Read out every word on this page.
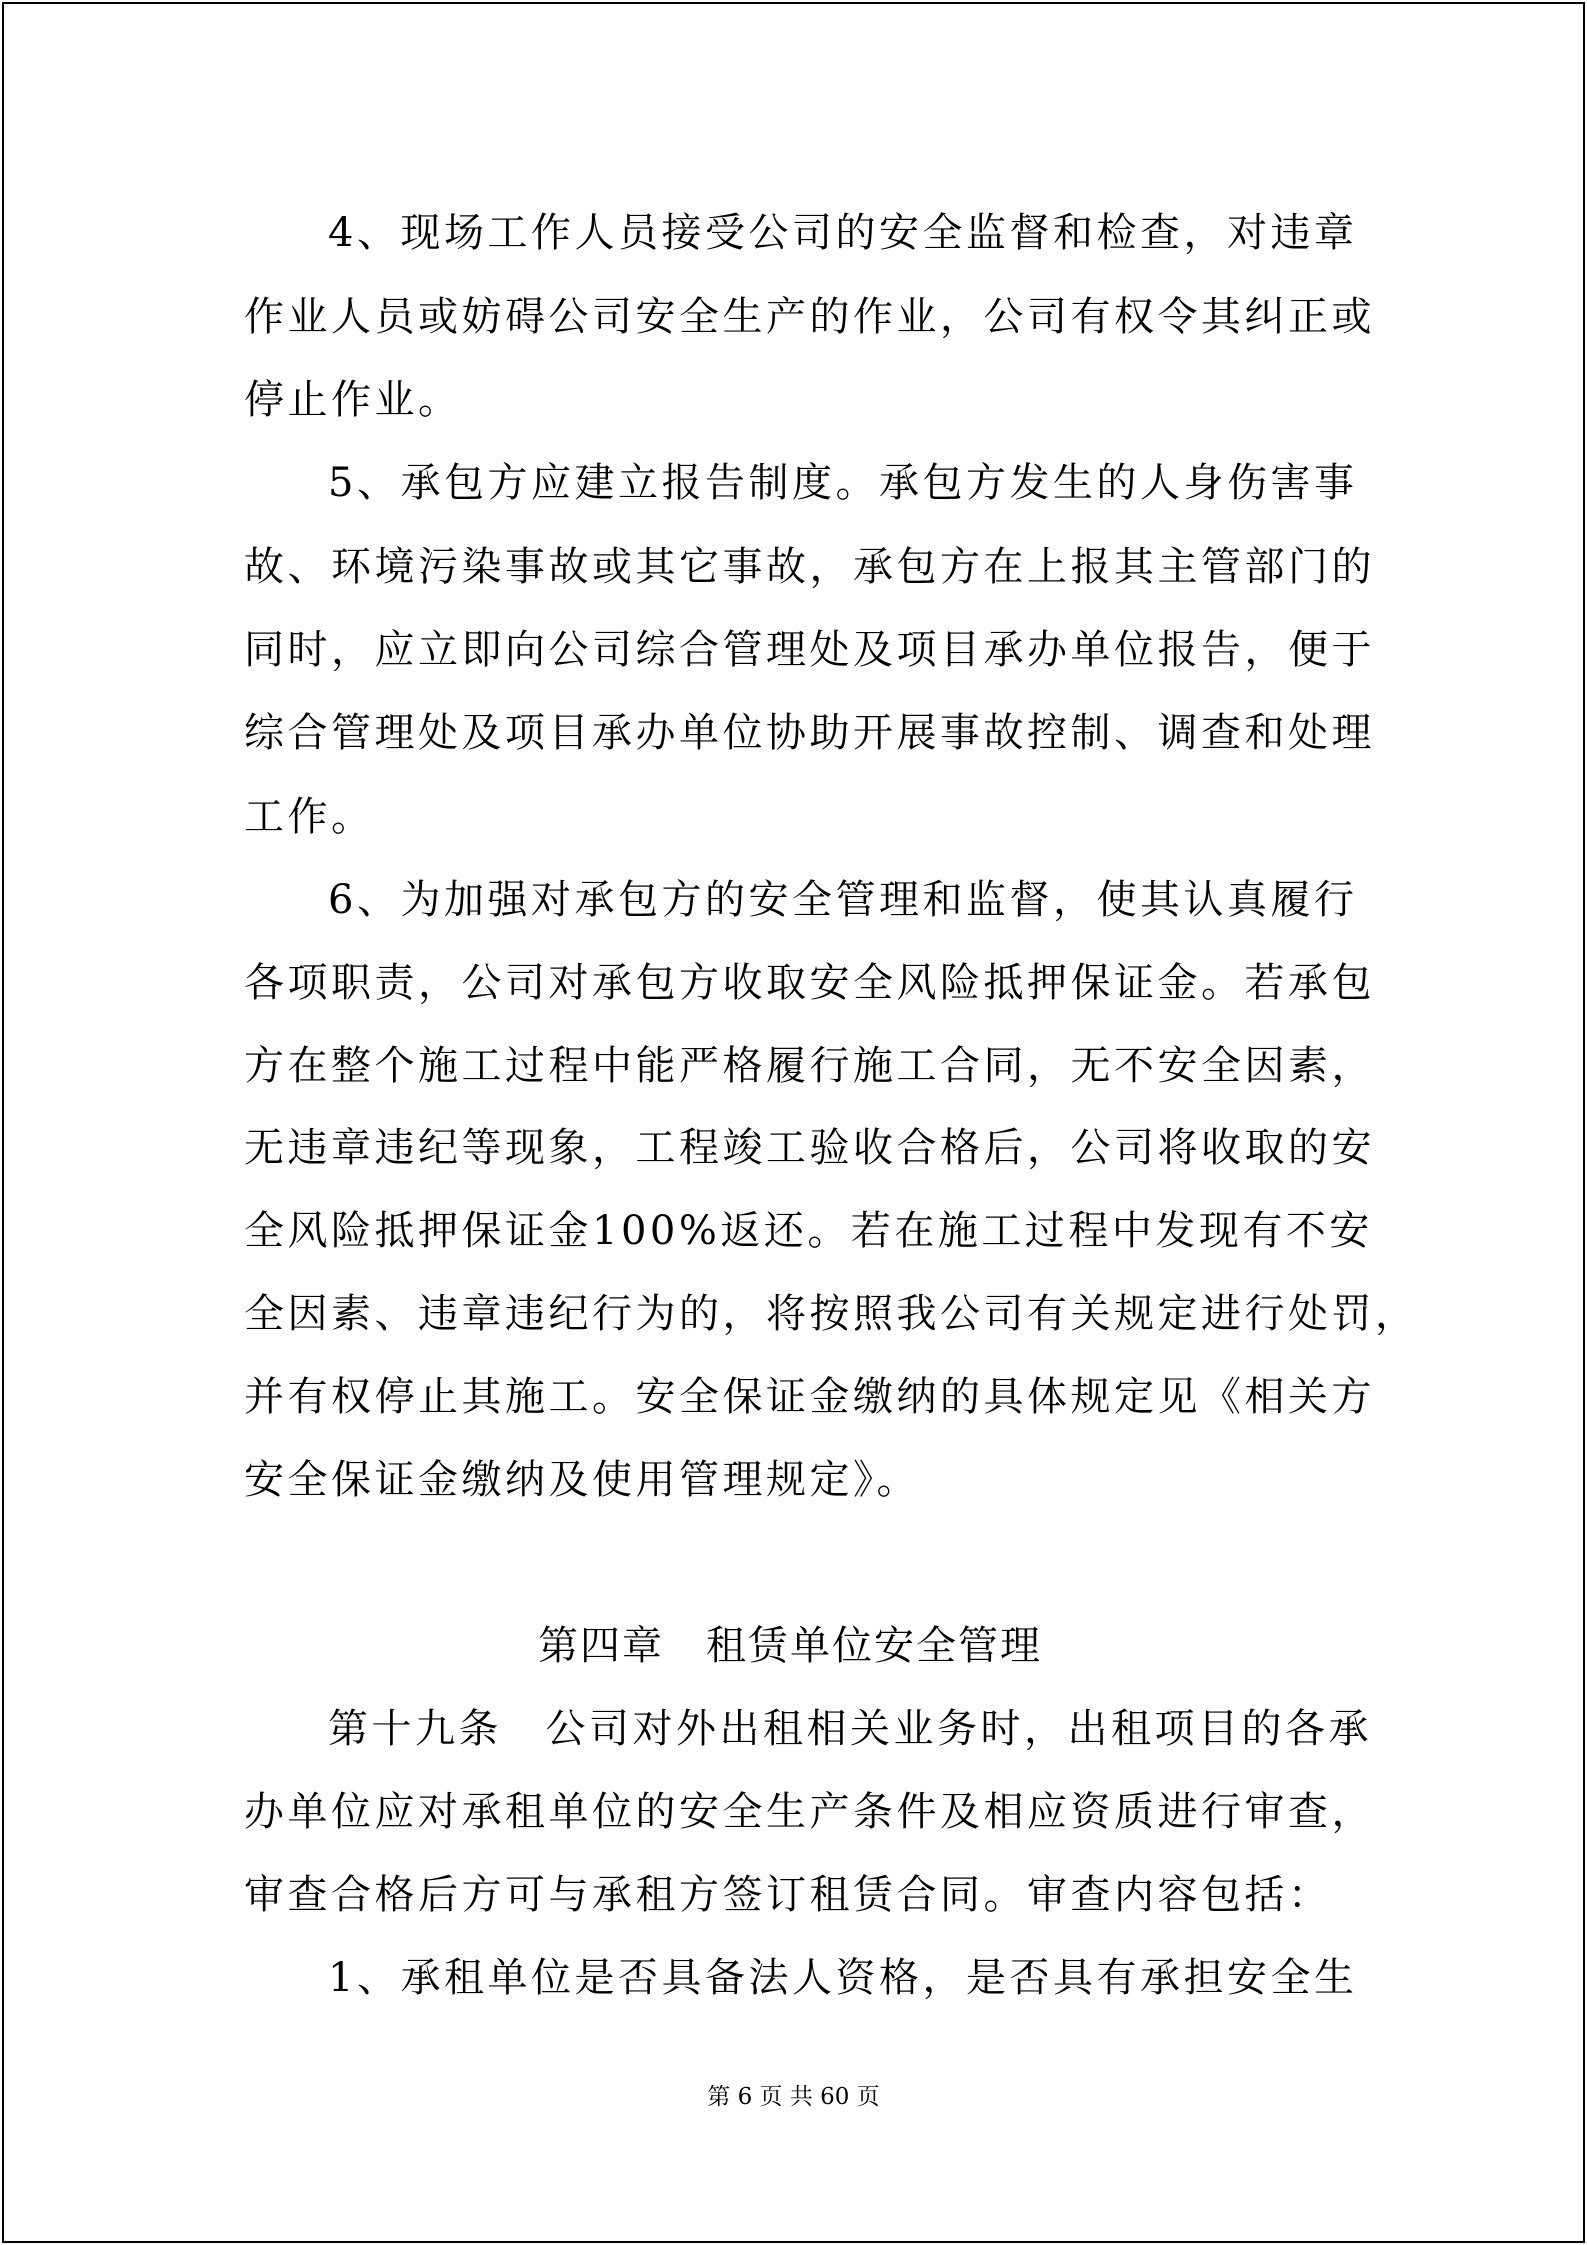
4、现场工作人员接受公司的安全监督和检查，对违章
作业人员或妨碍公司安全生产的作业，公司有权令其纠正或
停止作业。
5、承包方应建立报告制度。承包方发生的人身伤害事
故、环境污染事故或其它事故，承包方在上报其主管部门的
同时，应立即向公司综合管理处及项目承办单位报告，便于
综合管理处及项目承办单位协助开展事故控制、调查和处理
工作。
6、为加强对承包方的安全管理和监督，使其认真履行
各项职责，公司对承包方收取安全风险抵押保证金。若承包
方在整个施工过程中能严格履行施工合同，无不安全因素，
无违章违纪等现象，工程竣工验收合格后，公司将收取的安
全风险抵押保证金100%返还。若在施工过程中发现有不安
全因素、违章违纪行为的，将按照我公司有关规定进行处罚，
并有权停止其施工。安全保证金缴纳的具体规定见《相关方
安全保证金缴纳及使用管理规定》。
第四章　租赁单位安全管理
第十九条　公司对外出租相关业务时，出租项目的各承
办单位应对承租单位的安全生产条件及相应资质进行审查，
审查合格后方可与承租方签订租赁合同。审查内容包括：
1、承租单位是否具备法人资格，是否具有承担安全生
第 6 页 共 60 页
